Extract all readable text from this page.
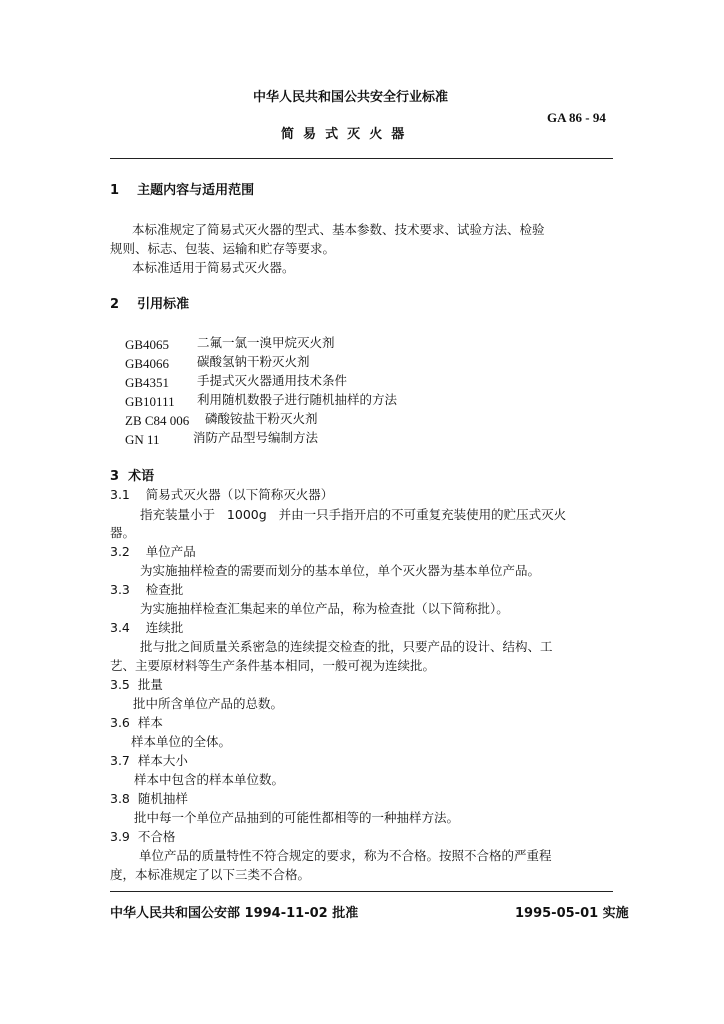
中华人民共和国公共安全行业标准
GA 86 - 94
简  易  式  灭  火  器
1    主题内容与适用范围
本标准规定了简易式灭火器的型式、基本参数、技术要求、试验方法、检验
规则、标志、包装、运输和贮存等要求。
本标准适用于简易式灭火器。
2    引用标准
GB4065 二氟一氯一溴甲烷灭火剂
GB4066 碳酸氢钠干粉灭火剂
GB4351 手提式灭火器通用技术条件
GB10111 利用随机数骰子进行随机抽样的方法
ZB C84 006 磷酸铵盐干粉灭火剂
GN 11	消防产品型号编制方法
3  术语
3.1    简易式灭火器（以下简称灭火器）
指充装量小于   1000g   并由一只手指开启的不可重复充装使用的贮压式灭火
器。
3.2    单位产品
为实施抽样检查的需要而划分的基本单位，单个灭火器为基本单位产品。
3.3    检查批
为实施抽样检查汇集起来的单位产品，称为检查批（以下简称批）。
3.4    连续批
批与批之间质量关系密急的连续提交检查的批，只要产品的设计、结构、工
艺、主要原材料等生产条件基本相同，一般可视为连续批。
3.5  批量
批中所含单位产品的总数。
3.6  样本
样本单位的全体。
3.7  样本大小
样本中包含的样本单位数。
3.8  随机抽样
批中每一个单位产品抽到的可能性都相等的一种抽样方法。
3.9  不合格
单位产品的质量特性不符合规定的要求，称为不合格。按照不合格的严重程
度，本标准规定了以下三类不合格。
中华人民共和国公安部 1994-11-02 批准	1995-05-01 实施
